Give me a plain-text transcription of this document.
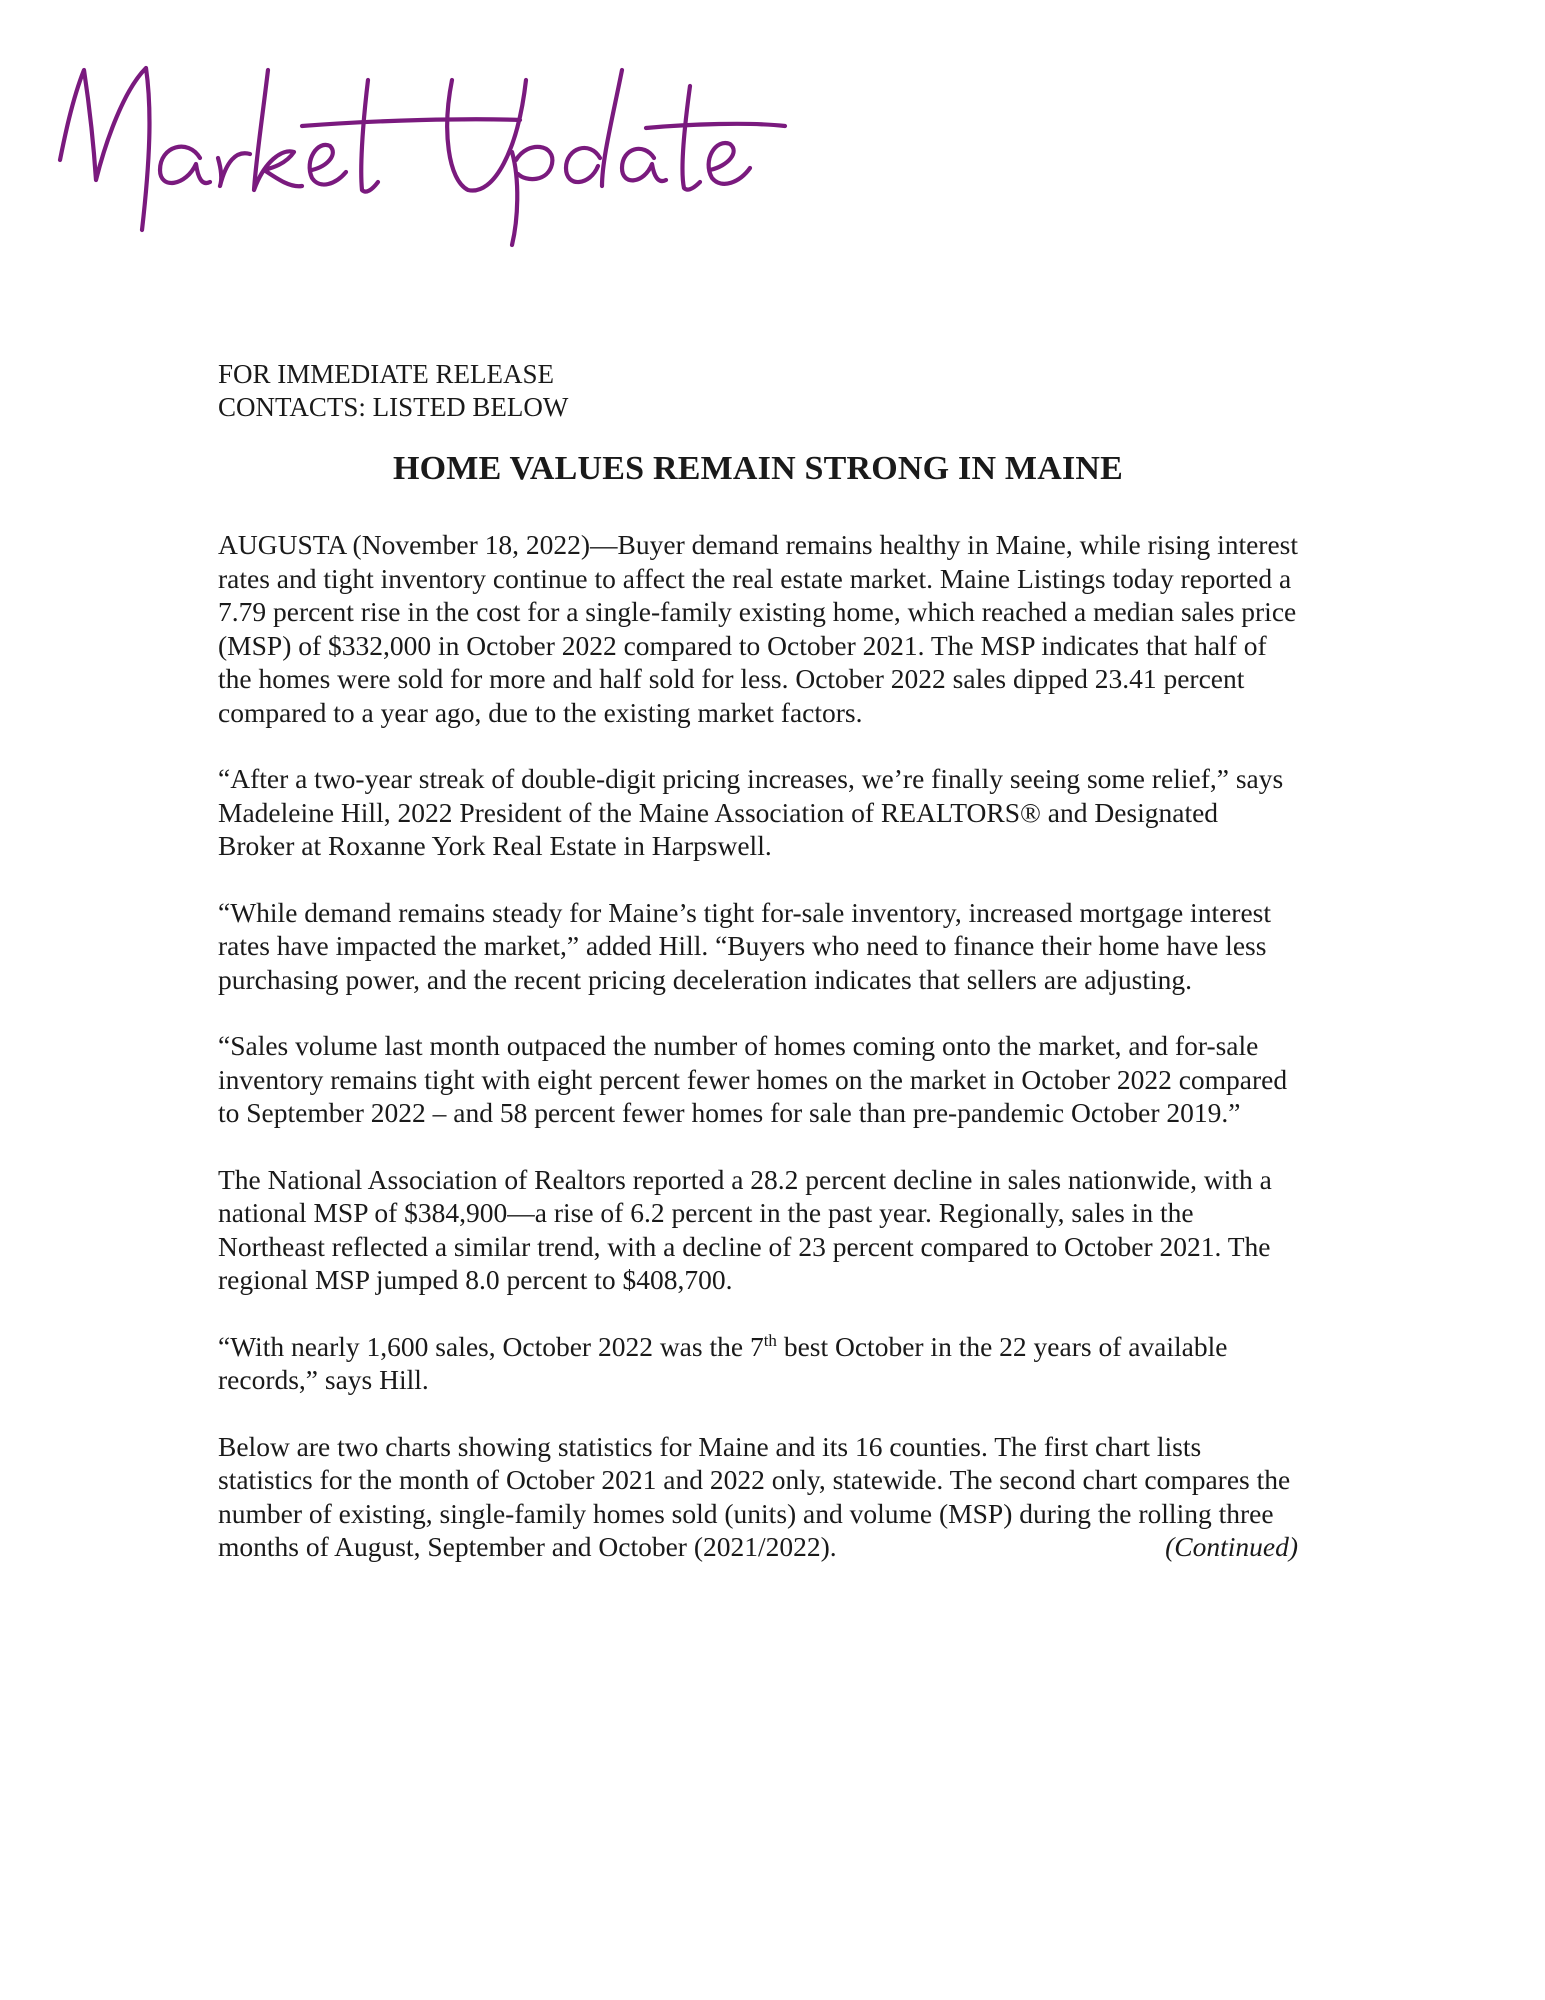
FOR IMMEDIATE RELEASE

CONTACTS: LISTED BELOW

HOME VALUES REMAIN STRONG IN MAINE

AUGUSTA (November 18, 2022)—Buyer demand remains healthy in Maine, while rising interest rates and tight inventory continue to affect the real estate market. Maine Listings today reported a 7.79 percent rise in the cost for a single-family existing home, which reached a median sales price (MSP) of $332,000 in October 2022 compared to October 2021. The MSP indicates that half of the homes were sold for more and half sold for less. October 2022 sales dipped 23.41 percent compared to a year ago, due to the existing market factors.

“After a two-year streak of double-digit pricing increases, we’re finally seeing some relief,” says Madeleine Hill, 2022 President of the Maine Association of REALTORS® and Designated Broker at Roxanne York Real Estate in Harpswell.

“While demand remains steady for Maine’s tight for-sale inventory, increased mortgage interest rates have impacted the market,” added Hill. “Buyers who need to finance their home have less purchasing power, and the recent pricing deceleration indicates that sellers are adjusting.

“Sales volume last month outpaced the number of homes coming onto the market, and for-sale inventory remains tight with eight percent fewer homes on the market in October 2022 compared to September 2022 – and 58 percent fewer homes for sale than pre-pandemic October 2019.”

The National Association of Realtors reported a 28.2 percent decline in sales nationwide, with a national MSP of $384,900—a rise of 6.2 percent in the past year. Regionally, sales in the Northeast reflected a similar trend, with a decline of 23 percent compared to October 2021. The regional MSP jumped 8.0 percent to $408,700.

“With nearly 1,600 sales, October 2022 was the 7th best October in the 22 years of available records,” says Hill.

Below are two charts showing statistics for Maine and its 16 counties. The first chart lists statistics for the month of October 2021 and 2022 only, statewide. The second chart compares the number of existing, single-family homes sold (units) and volume (MSP) during the rolling three months of August, September and October (2021/2022).	(Continued)
